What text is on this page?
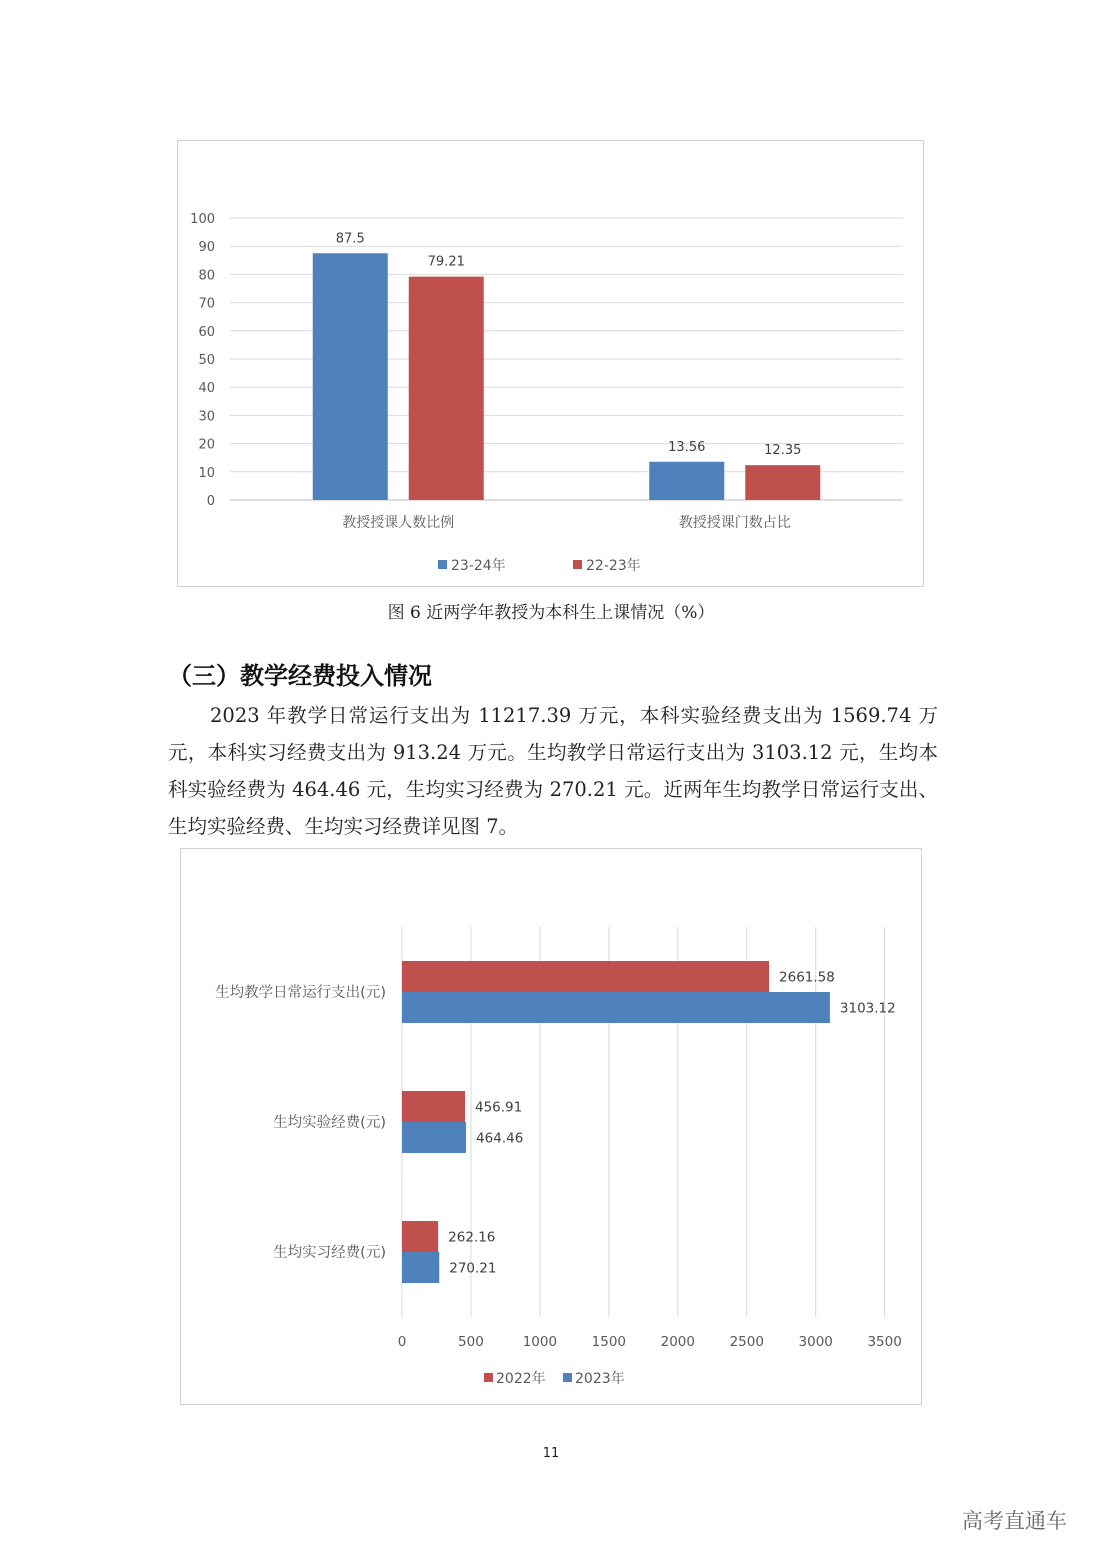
0
10
20
30
40
50
60
70
80
90
100
87.5
79.21
教授授课人数比例
13.56	12.35
教授授课门数占比
23-24年	22-23年
图 6 近两学年教授为本科生上课情况（%）
（三）教学经费投入情况
2023 年教学日常运行支出为 11217.39 万元，本科实验经费支出为 1569.74 万元，本科实习经费支出为 913.24 万元。生均教学日常运行支出为 3103.12 元，生均本科实验经费为 464.46 元，生均实习经费为 270.21 元。近两年生均教学日常运行支出、生均实验经费、生均实习经费详见图 7。
0	500	1000	1500	2000	2500	3000	3500
2661.58
3103.12
生均教学日常运行支出(元)
456.91
464.46
生均实验经费(元)
262.16
270.21
生均实习经费(元)
2022年 2023年
11
高考直通车
